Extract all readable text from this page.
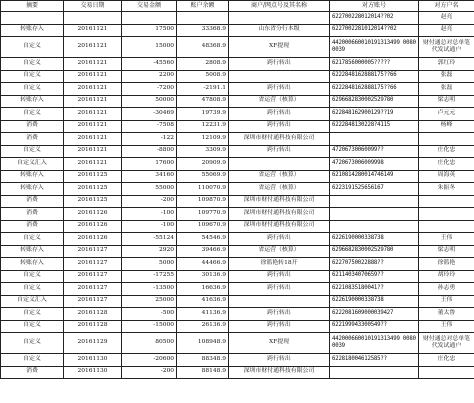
摘要	交易日期	交易金额	账户余额	商户/网点号及其名称	对方账号	对方户名
					622700228012014??02	赵亮
转账存入	20161121	17500	33368.9	山东省分行本级	6227002281012014??02	赵亮
自定义	20161121	15000	48368.9	XF提现	442000660010191313499 00800039	财付通总对总单笔代发试通户
自定义	20161121	-45560	2808.9	跨行转出	6217856000005?????	郭红玲
自定义	20161121	2200	5008.9		6222848162888175??66	张磊
自定义	20161121	-7200	-2191.1	跨行转出	6222848162888175??66	张磊
转账存入	20161121	50000	47808.9	省运营（核算）	6296682830002529780	梁志明
自定义	20161121	-30469	19739.9	跨行转出	622848162900129??19	卢元元
消费	20161121	-7508	12231.9	跨行转出	6222848130228?4115	杨峰
消费	20161121	-122	12109.9	深圳市财付通科技有限公司		
自定义	20161121	-8800	3309.9	跨行转出	47206730060099??	庄化忠
自定义汇入	20161121	17600	20909.9		4720673006009998	庄化忠
转账存入	20161125	34160	55069.9	省运营（核算）	6210814280014746149	周海英
转账存入	20161125	55000	110070.9	省运营（核算）	6223191525656167	朱振冬
消费	20161125	-200	109870.9	深圳市财付通科技有限公司		
消费	20161126	-100	109770.9	深圳市财付通科技有限公司		
消费	20161126	-100	109670.9	深圳市财付通科技有限公司		
自定义	20161126	-55124	54546.9	跨行转出	6226190000338738	王伟
转账存入	20161127	2920	39466.9	省运营（核算）	6296682830002529780	梁志明
转账存入	20161127	5000	44466.9	徐篮艳转18开	62270750022888??	徐篮艳
自定义	20161127	-17255	30136.9	跨行转出	62114034070659??	胡玲玲
自定义	20161127	-13500	16636.9	跨行转出	62210835180041??	孙志勇
自定义汇入	20161127	25000	41636.9		6226190000338738	王伟
自定义	20161128	-500	41136.9	跨行转出	6222081609000039427	董太鲁
自定义	20161128	-15000	26136.9	跨行转出	622199943300549??	王伟
自定义	20161129	80500	108948.9	XF提现	442000660010191313499 00800039	财付通总对总单笔代发试通户
自定义	20161130	-20600	88348.9	跨行转出	622818004612585??	庄化忠
消费	20161130	-200	88148.9	深圳市财付通科技有限公司		
